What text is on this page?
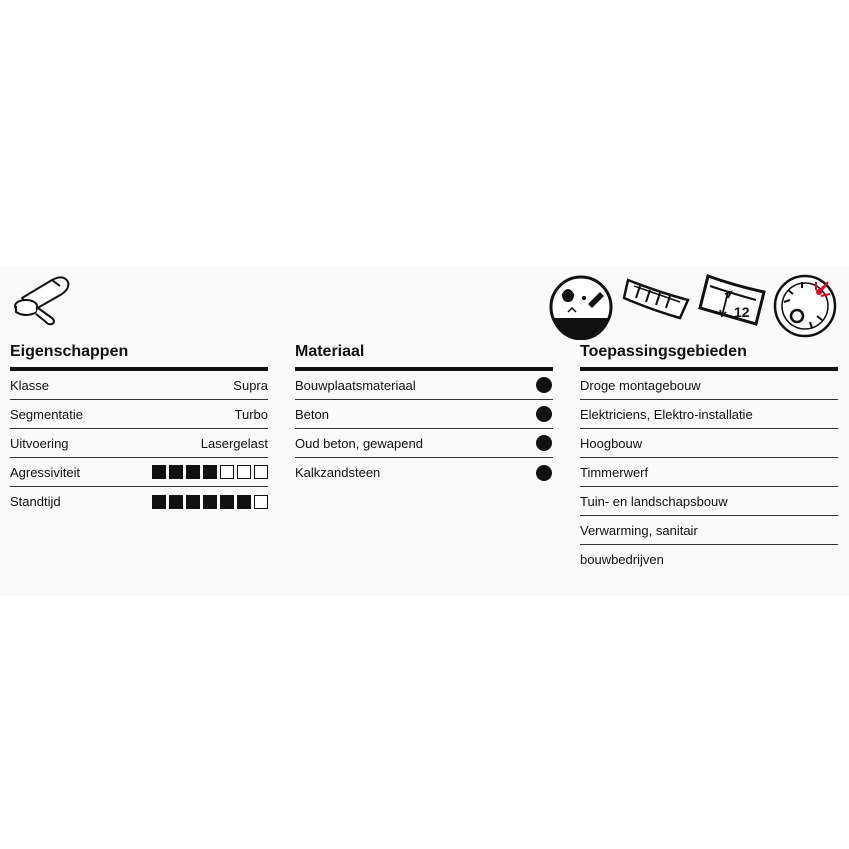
12
Eigenschappen
Klasse	Supra
Segmentatie	Turbo
Uitvoering	Lasergelast
Agressiviteit
Standtijd
Materiaal
Bouwplaatsmateriaal
Beton
Oud beton, gewapend
Kalkzandsteen
Toepassingsgebieden
Droge montagebouw
Elektriciens, Elektro-installatie
Hoogbouw
Timmerwerf
Tuin- en landschapsbouw
Verwarming, sanitair
bouwbedrijven
